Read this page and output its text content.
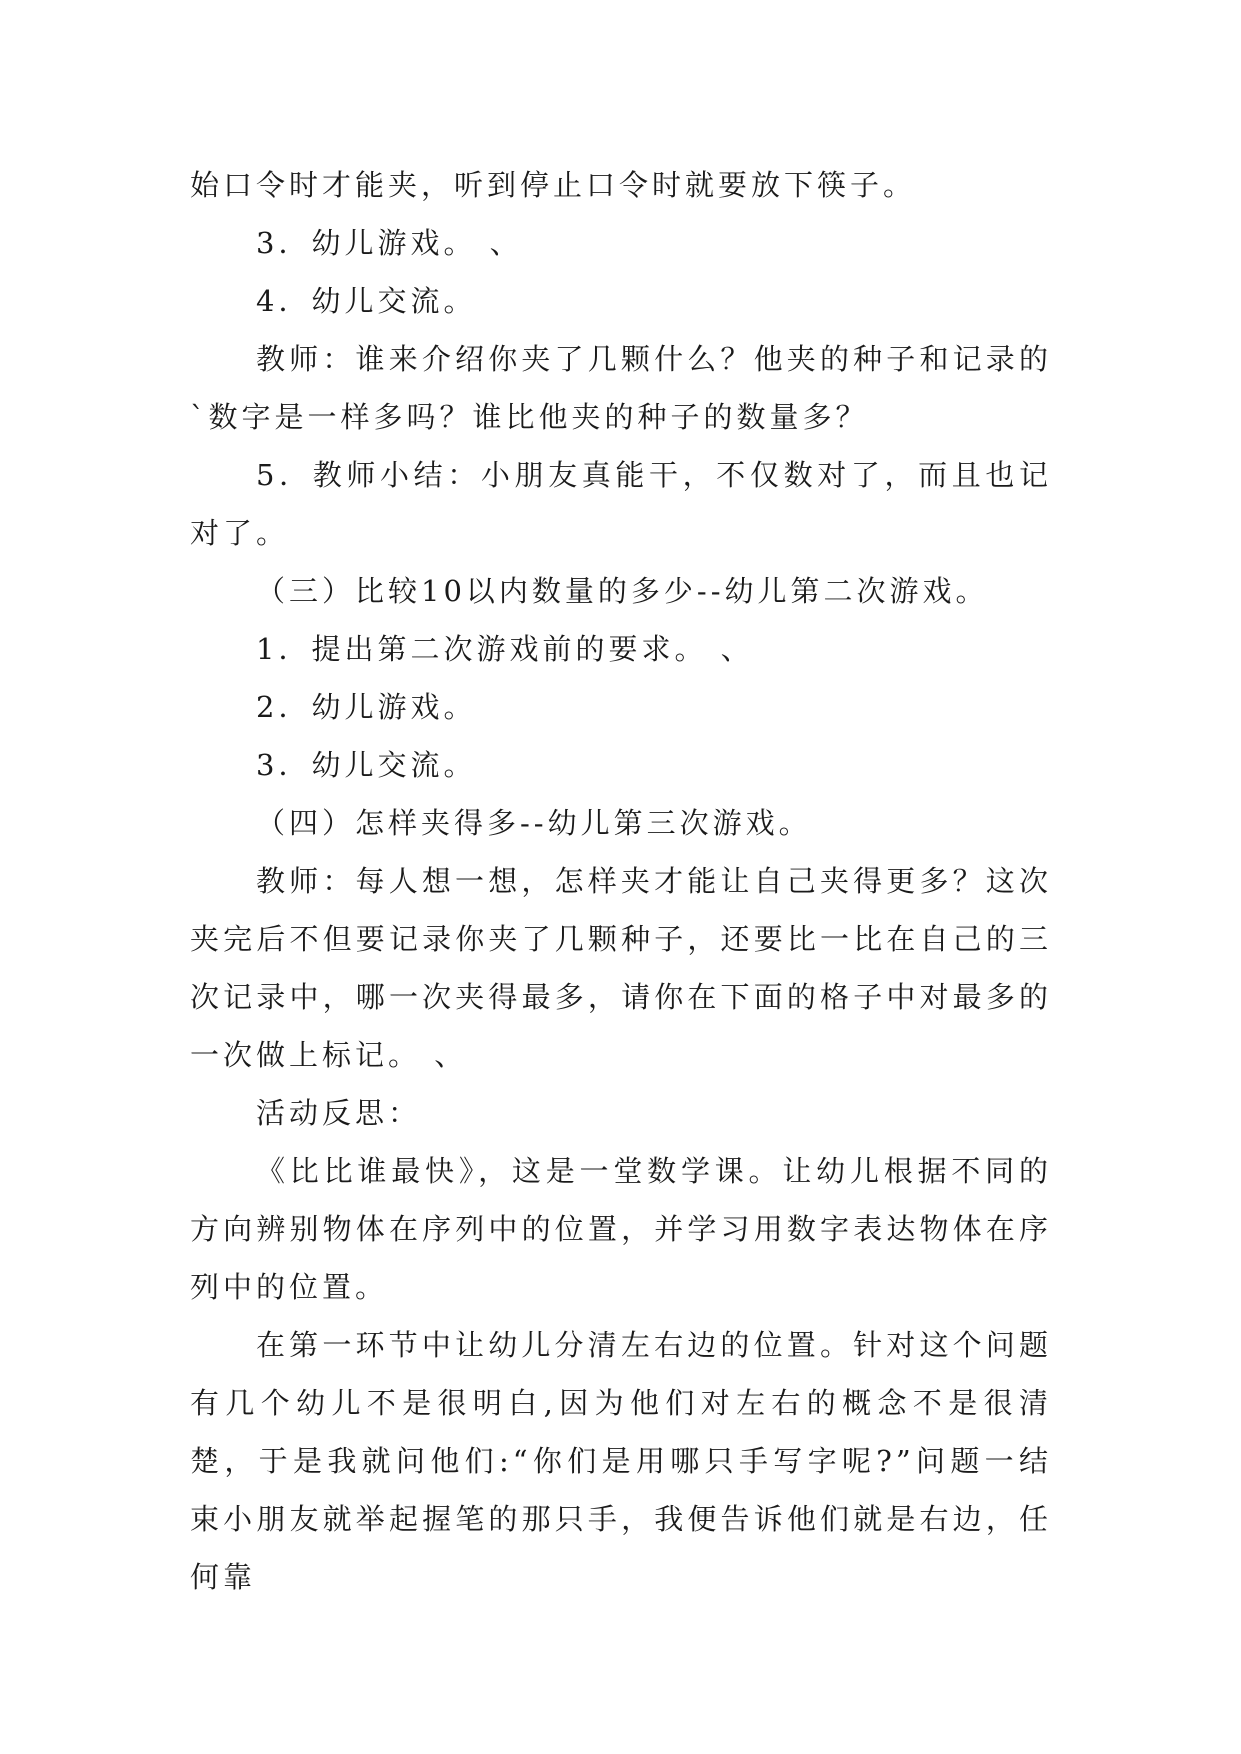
始口令时才能夹，听到停止口令时就要放下筷子。

3．幼儿游戏。 、

4．幼儿交流。

教师：谁来介绍你夹了几颗什么？他夹的种子和记录的`数字是一样多吗？谁比他夹的种子的数量多？

5．教师小结：小朋友真能干，不仅数对了，而且也记对了。

（三）比较10以内数量的多少--幼儿第二次游戏。

1．提出第二次游戏前的要求。 、

2．幼儿游戏。

3．幼儿交流。

（四）怎样夹得多--幼儿第三次游戏。

教师：每人想一想，怎样夹才能让自己夹得更多？这次夹完后不但要记录你夹了几颗种子，还要比一比在自己的三次记录中，哪一次夹得最多，请你在下面的格子中对最多的一次做上标记。 、

活动反思：

《比比谁最快》，这是一堂数学课。让幼儿根据不同的方向辨别物体在序列中的位置，并学习用数字表达物体在序列中的位置。

在第一环节中让幼儿分清左右边的位置。针对这个问题有几个幼儿不是很明白,因为他们对左右的概念不是很清楚，于是我就问他们:“你们是用哪只手写字呢?”问题一结束小朋友就举起握笔的那只手，我便告诉他们就是右边，任何靠
